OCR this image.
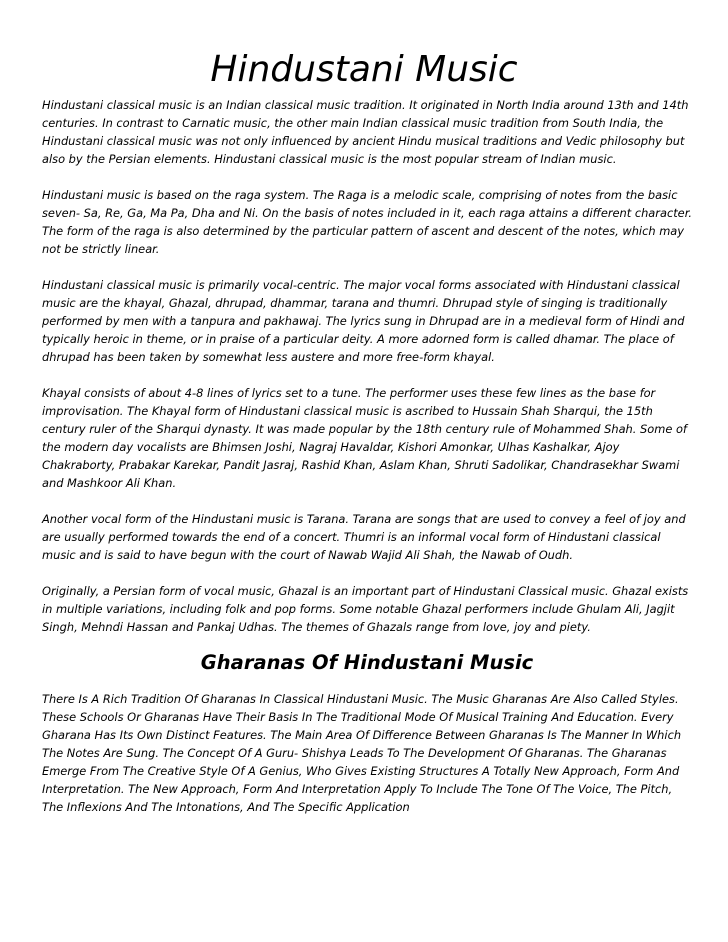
Hindustani Music

Hindustani classical music is an Indian classical music tradition. It originated in North India around 13th and 14th centuries. In contrast to Carnatic music, the other main Indian classical music tradition from South India, the Hindustani classical music was not only influenced by ancient Hindu musical traditions and Vedic philosophy but also by the Persian elements. Hindustani classical music is the most popular stream of Indian music.

Hindustani music is based on the raga system. The Raga is a melodic scale, comprising of notes from the basic seven- Sa, Re, Ga, Ma Pa, Dha and Ni. On the basis of notes included in it, each raga attains a different character. The form of the raga is also determined by the particular pattern of ascent and descent of the notes, which may not be strictly linear.

Hindustani classical music is primarily vocal-centric. The major vocal forms associated with Hindustani classical music are the khayal, Ghazal, dhrupad, dhammar, tarana and thumri. Dhrupad style of singing is traditionally performed by men with a tanpura and pakhawaj. The lyrics sung in Dhrupad are in a medieval form of Hindi and typically heroic in theme, or in praise of a particular deity. A more adorned form is called dhamar. The place of dhrupad has been taken by somewhat less austere and more free-form khayal.

Khayal consists of about 4-8 lines of lyrics set to a tune. The performer uses these few lines as the base for improvisation. The Khayal form of Hindustani classical music is ascribed to Hussain Shah Sharqui, the 15th century ruler of the Sharqui dynasty. It was made popular by the 18th century rule of Mohammed Shah. Some of the modern day vocalists are Bhimsen Joshi, Nagraj Havaldar, Kishori Amonkar, Ulhas Kashalkar, Ajoy Chakraborty, Prabakar Karekar, Pandit Jasraj, Rashid Khan, Aslam Khan, Shruti Sadolikar, Chandrasekhar Swami and Mashkoor Ali Khan.

Another vocal form of the Hindustani music is Tarana. Tarana are songs that are used to convey a feel of joy and are usually performed towards the end of a concert. Thumri is an informal vocal form of Hindustani classical music and is said to have begun with the court of Nawab Wajid Ali Shah, the Nawab of Oudh.

Originally, a Persian form of vocal music, Ghazal is an important part of Hindustani Classical music. Ghazal exists in multiple variations, including folk and pop forms. Some notable Ghazal performers include Ghulam Ali, Jagjit Singh, Mehndi Hassan and Pankaj Udhas. The themes of Ghazals range from love, joy and piety.

Gharanas Of Hindustani Music

There Is A Rich Tradition Of Gharanas In Classical Hindustani Music. The Music Gharanas Are Also Called Styles. These Schools Or Gharanas Have Their Basis In The Traditional Mode Of Musical Training And Education. Every Gharana Has Its Own Distinct Features. The Main Area Of Difference Between Gharanas Is The Manner In Which The Notes Are Sung. The Concept Of A Guru- Shishya Leads To The Development Of Gharanas. The Gharanas Emerge From The Creative Style Of A Genius, Who Gives Existing Structures A Totally New Approach, Form And Interpretation. The New Approach, Form And Interpretation Apply To Include The Tone Of The Voice, The Pitch, The Inflexions And The Intonations, And The Specific Application
